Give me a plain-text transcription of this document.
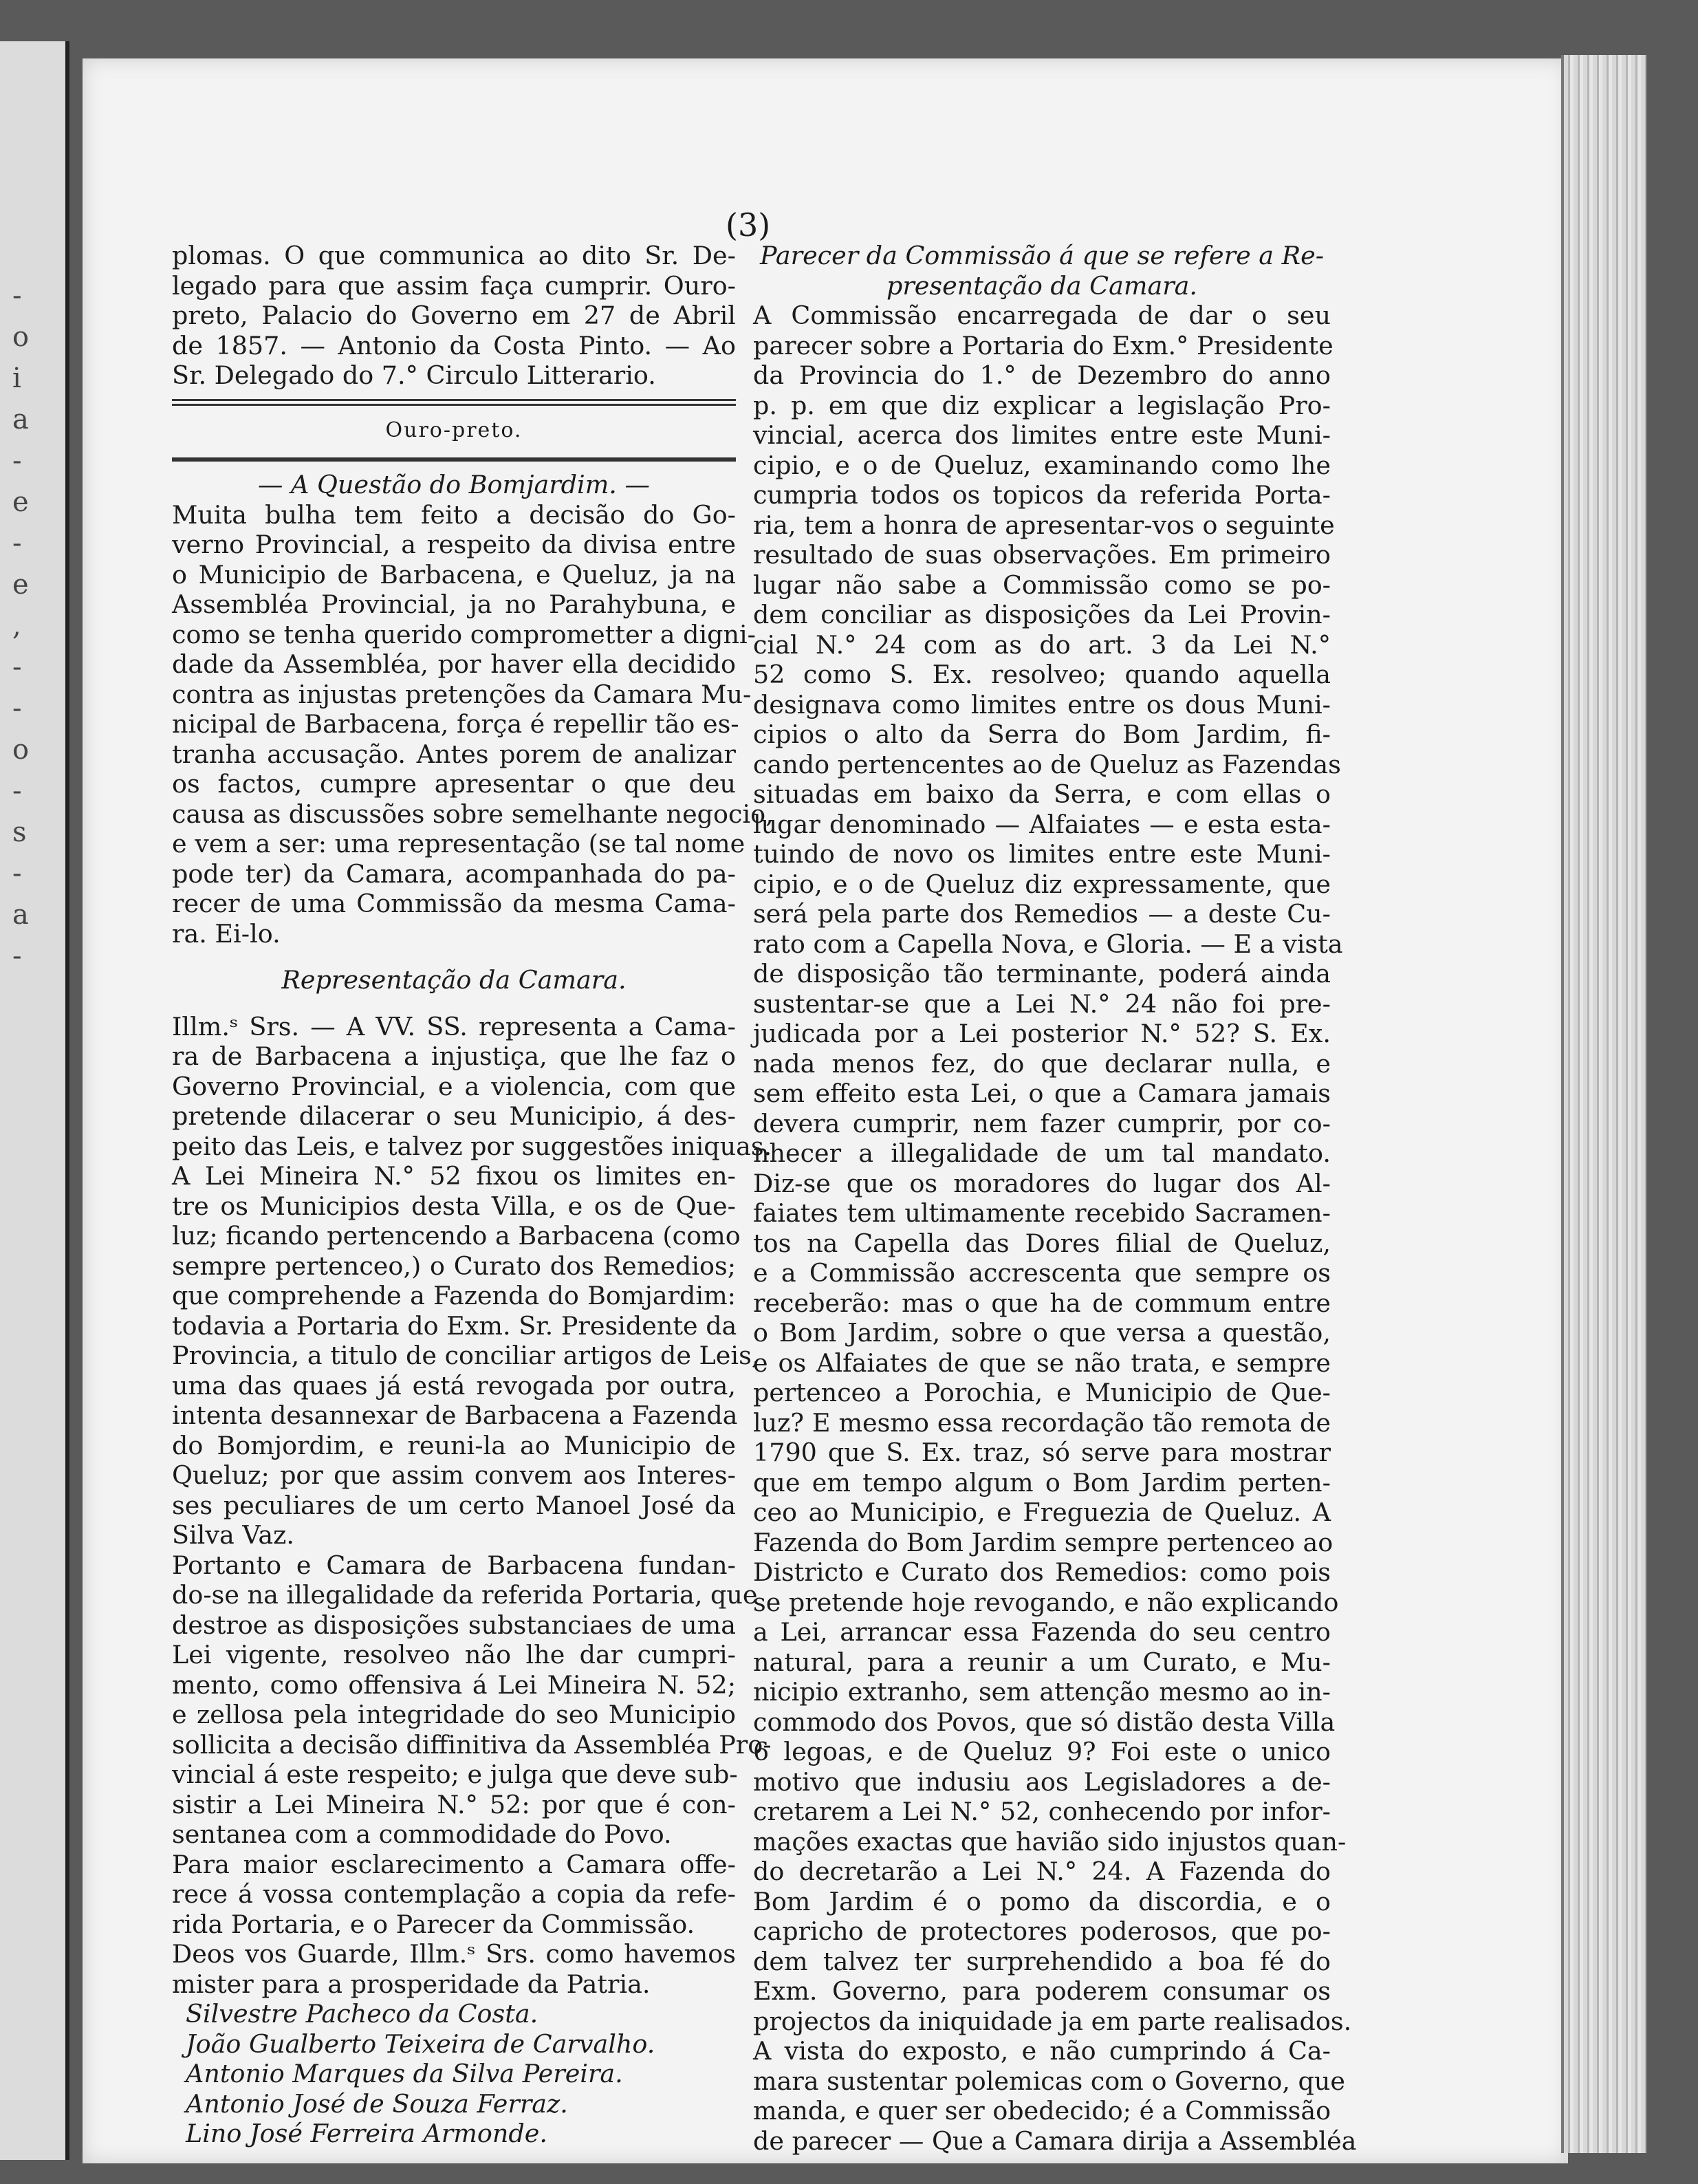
-
o
i
a
-
e
-
e
,
-
-
o
-
s
-
a
-
(3)
plomas. O que communica ao dito Sr. De-
legado para que assim faça cumprir. Ouro-
preto, Palacio do Governo em 27 de Abril
de 1857. — Antonio da Costa Pinto. — Ao
Sr. Delegado do 7.° Circulo Litterario.
Ouro-preto.
— A Questão do Bomjardim. —
Muita bulha tem feito a decisão do Go-
verno Provincial, a respeito da divisa entre
o Municipio de Barbacena, e Queluz, ja na
Assembléa Provincial, ja no Parahybuna, e
como se tenha querido comprometter a digni-
dade da Assembléa, por haver ella decidido
contra as injustas pretenções da Camara Mu-
nicipal de Barbacena, força é repellir tão es-
tranha accusação. Antes porem de analizar
os factos, cumpre apresentar o que deu
causa as discussões sobre semelhante negocio,
e vem a ser: uma representação (se tal nome
pode ter) da Camara, acompanhada do pa-
recer de uma Commissão da mesma Cama-
ra. Ei-lo.
Representação da Camara.
Illm.ˢ Srs. — A VV. SS. representa a Cama-
ra de Barbacena a injustiça, que lhe faz o
Governo Provincial, e a violencia, com que
pretende dilacerar o seu Municipio, á des-
peito das Leis, e talvez por suggestões iniquas.
A Lei Mineira N.° 52 fixou os limites en-
tre os Municipios desta Villa, e os de Que-
luz; ficando pertencendo a Barbacena (como
sempre pertenceo,) o Curato dos Remedios;
que comprehende a Fazenda do Bomjardim:
todavia a Portaria do Exm. Sr. Presidente da
Provincia, a titulo de conciliar artigos de Leis,
uma das quaes já está revogada por outra,
intenta desannexar de Barbacena a Fazenda
do Bomjordim, e reuni-la ao Municipio de
Queluz; por que assim convem aos Interes-
ses peculiares de um certo Manoel José da
Silva Vaz.
Portanto e Camara de Barbacena fundan-
do-se na illegalidade da referida Portaria, que
destroe as disposições substanciaes de uma
Lei vigente, resolveo não lhe dar cumpri-
mento, como offensiva á Lei Mineira N. 52;
e zellosa pela integridade do seo Municipio
sollicita a decisão diffinitiva da Assembléa Pro-
vincial á este respeito; e julga que deve sub-
sistir a Lei Mineira N.° 52: por que é con-
sentanea com a commodidade do Povo.
Para maior esclarecimento a Camara offe-
rece á vossa contemplação a copia da refe-
rida Portaria, e o Parecer da Commissão.
Deos vos Guarde, Illm.ˢ Srs. como havemos
mister para a prosperidade da Patria.
Silvestre Pacheco da Costa.
João Gualberto Teixeira de Carvalho.
Antonio Marques da Silva Pereira.
Antonio José de Souza Ferraz.
Lino José Ferreira Armonde.
Parecer da Commissão á que se refere a Re-
presentação da Camara.
A Commissão encarregada de dar o seu
parecer sobre a Portaria do Exm.° Presidente
da Provincia do 1.° de Dezembro do anno
p. p. em que diz explicar a legislação Pro-
vincial, acerca dos limites entre este Muni-
cipio, e o de Queluz, examinando como lhe
cumpria todos os topicos da referida Porta-
ria, tem a honra de apresentar-vos o seguinte
resultado de suas observações. Em primeiro
lugar não sabe a Commissão como se po-
dem conciliar as disposições da Lei Provin-
cial N.° 24 com as do art. 3 da Lei N.°
52 como S. Ex. resolveo; quando aquella
designava como limites entre os dous Muni-
cipios o alto da Serra do Bom Jardim, fi-
cando pertencentes ao de Queluz as Fazendas
situadas em baixo da Serra, e com ellas o
lugar denominado — Alfaiates — e esta esta-
tuindo de novo os limites entre este Muni-
cipio, e o de Queluz diz expressamente, que
será pela parte dos Remedios — a deste Cu-
rato com a Capella Nova, e Gloria. — E a vista
de disposição tão terminante, poderá ainda
sustentar-se que a Lei N.° 24 não foi pre-
judicada por a Lei posterior N.° 52? S. Ex.
nada menos fez, do que declarar nulla, e
sem effeito esta Lei, o que a Camara jamais
devera cumprir, nem fazer cumprir, por co-
nhecer a illegalidade de um tal mandato.
Diz-se que os moradores do lugar dos Al-
faiates tem ultimamente recebido Sacramen-
tos na Capella das Dores filial de Queluz,
e a Commissão accrescenta que sempre os
receberão: mas o que ha de commum entre
o Bom Jardim, sobre o que versa a questão,
e os Alfaiates de que se não trata, e sempre
pertenceo a Porochia, e Municipio de Que-
luz? E mesmo essa recordação tão remota de
1790 que S. Ex. traz, só serve para mostrar
que em tempo algum o Bom Jardim perten-
ceo ao Municipio, e Freguezia de Queluz. A
Fazenda do Bom Jardim sempre pertenceo ao
Districto e Curato dos Remedios: como pois
se pretende hoje revogando, e não explicando
a Lei, arrancar essa Fazenda do seu centro
natural, para a reunir a um Curato, e Mu-
nicipio extranho, sem attenção mesmo ao in-
commodo dos Povos, que só distão desta Villa
6 legoas, e de Queluz 9? Foi este o unico
motivo que indusiu aos Legisladores a de-
cretarem a Lei N.° 52, conhecendo por infor-
mações exactas que havião sido injustos quan-
do decretarão a Lei N.° 24. A Fazenda do
Bom Jardim é o pomo da discordia, e o
capricho de protectores poderosos, que po-
dem talvez ter surprehendido a boa fé do
Exm. Governo, para poderem consumar os
projectos da iniquidade ja em parte realisados.
A vista do exposto, e não cumprindo á Ca-
mara sustentar polemicas com o Governo, que
manda, e quer ser obedecido; é a Commissão
de parecer — Que a Camara dirija a Assembléa
